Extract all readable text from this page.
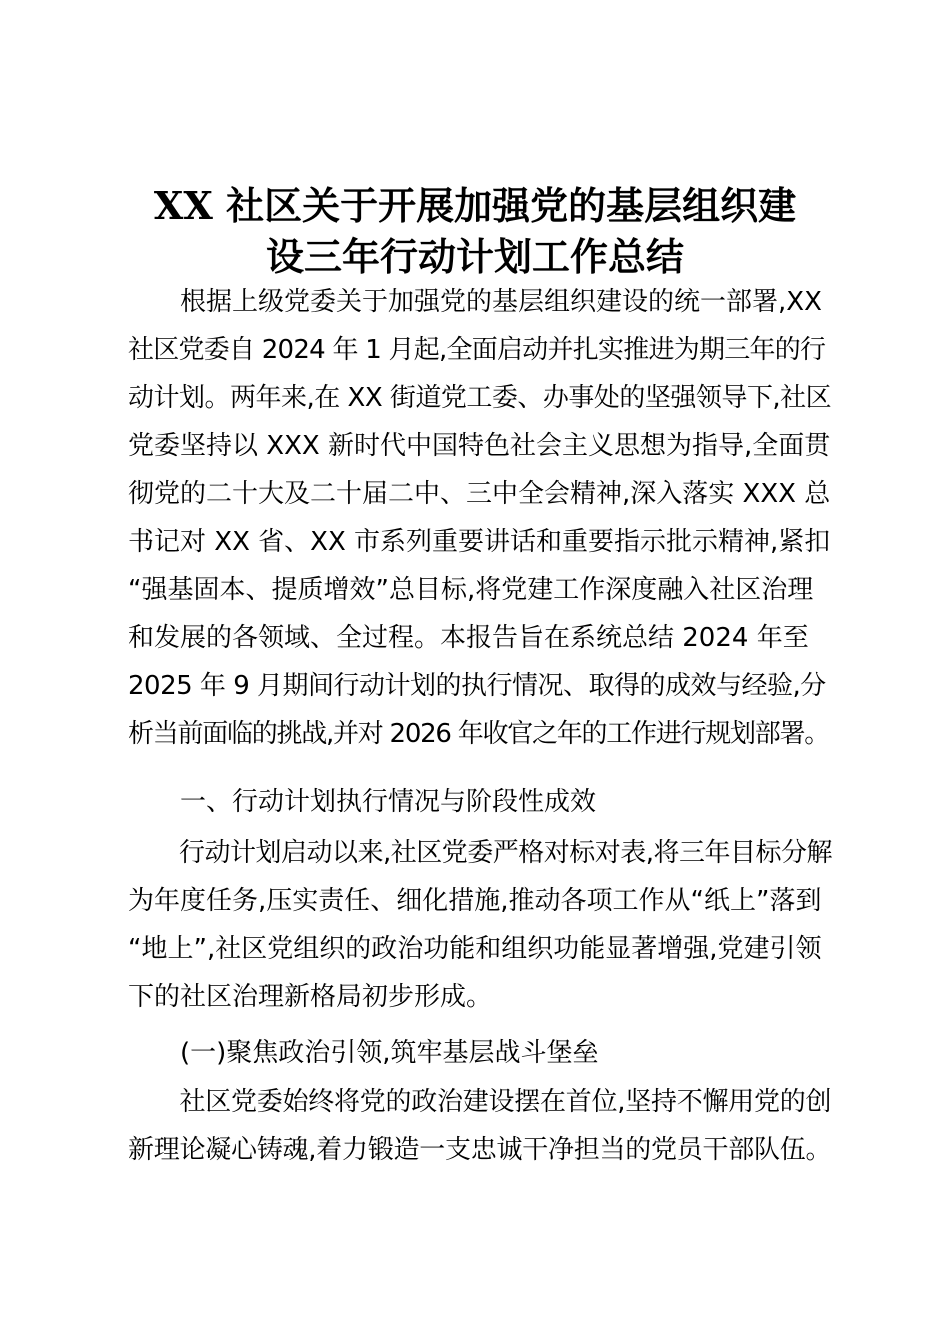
XX 社区关于开展加强党的基层组织建
设三年行动计划工作总结
　　根据上级党委关于加强党的基层组织建设的统一部署,XX
社区党委自 2024 年 1 月起,全面启动并扎实推进为期三年的行
动计划。两年来,在 XX 街道党工委、办事处的坚强领导下,社区
党委坚持以 XXX 新时代中国特色社会主义思想为指导,全面贯
彻党的二十大及二十届二中、三中全会精神,深入落实 XXX 总
书记对 XX 省、XX 市系列重要讲话和重要指示批示精神,紧扣
“强基固本、提质增效”总目标,将党建工作深度融入社区治理
和发展的各领域、全过程。本报告旨在系统总结 2024 年至
2025 年 9 月期间行动计划的执行情况、取得的成效与经验,分
析当前面临的挑战,并对 2026 年收官之年的工作进行规划部署。
　　一、行动计划执行情况与阶段性成效
　　行动计划启动以来,社区党委严格对标对表,将三年目标分解
为年度任务,压实责任、细化措施,推动各项工作从“纸上”落到
“地上”,社区党组织的政治功能和组织功能显著增强,党建引领
下的社区治理新格局初步形成。
　　(一)聚焦政治引领,筑牢基层战斗堡垒
　　社区党委始终将党的政治建设摆在首位,坚持不懈用党的创
新理论凝心铸魂,着力锻造一支忠诚干净担当的党员干部队伍。
